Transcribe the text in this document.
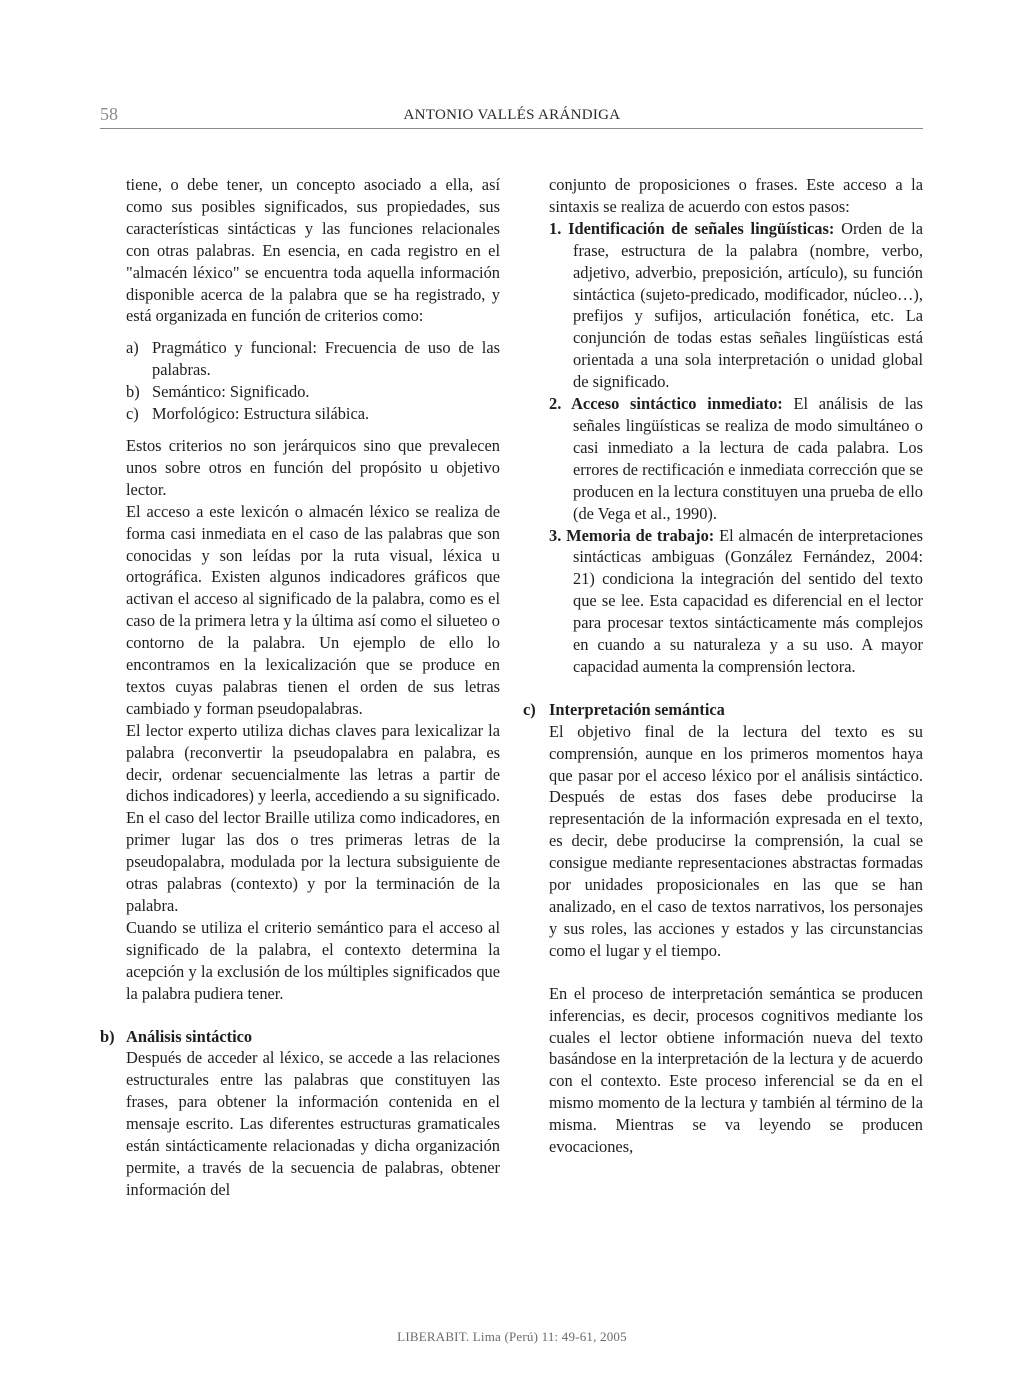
58	ANTONIO VALLÉS ARÁNDIGA

tiene, o debe tener, un concepto asociado a ella, así como sus posibles significados, sus propiedades, sus características sintácticas y las funciones relacionales con otras palabras. En esencia, en cada registro en el "almacén léxico" se encuentra toda aquella información disponible acerca de la palabra que se ha registrado, y está organizada en función de criterios como:

a) Pragmático y funcional: Frecuencia de uso de las palabras.
b) Semántico: Significado.
c) Morfológico: Estructura silábica.

Estos criterios no son jerárquicos sino que prevalecen unos sobre otros en función del propósito u objetivo lector.

El acceso a este lexicón o almacén léxico se realiza de forma casi inmediata en el caso de las palabras que son conocidas y son leídas por la ruta visual, léxica u ortográfica. Existen algunos indicadores gráficos que activan el acceso al significado de la palabra, como es el caso de la primera letra y la última así como el silueteo o contorno de la palabra. Un ejemplo de ello lo encontramos en la lexicalización que se produce en textos cuyas palabras tienen el orden de sus letras cambiado y forman pseudopalabras.

El lector experto utiliza dichas claves para lexicalizar la palabra (reconvertir la pseudopalabra en palabra, es decir, ordenar secuencialmente las letras a partir de dichos indicadores) y leerla, accediendo a su significado. En el caso del lector Braille utiliza como indicadores, en primer lugar las dos o tres primeras letras de la pseudopalabra, modulada por la lectura subsiguiente de otras palabras (contexto) y por la terminación de la palabra.

Cuando se utiliza el criterio semántico para el acceso al significado de la palabra, el contexto determina la acepción y la exclusión de los múltiples significados que la palabra pudiera tener.

b) Análisis sintáctico

Después de acceder al léxico, se accede a las relaciones estructurales entre las palabras que constituyen las frases, para obtener la información contenida en el mensaje escrito. Las diferentes estructuras gramaticales están sintácticamente relacionadas y dicha organización permite, a través de la secuencia de palabras, obtener información del

conjunto de proposiciones o frases. Este acceso a la sintaxis se realiza de acuerdo con estos pasos:

1. Identificación de señales lingüísticas: Orden de la frase, estructura de la palabra (nombre, verbo, adjetivo, adverbio, preposición, artículo), su función sintáctica (sujeto-predicado, modificador, núcleo…), prefijos y sufijos, articulación fonética, etc. La conjunción de todas estas señales lingüísticas está orientada a una sola interpretación o unidad global de significado.

2. Acceso sintáctico inmediato: El análisis de las señales lingüísticas se realiza de modo simultáneo o casi inmediato a la lectura de cada palabra. Los errores de rectificación e inmediata corrección que se producen en la lectura constituyen una prueba de ello (de Vega et al., 1990).

3. Memoria de trabajo: El almacén de interpretaciones sintácticas ambiguas (González Fernández, 2004: 21) condiciona la integración del sentido del texto que se lee. Esta capacidad es diferencial en el lector para procesar textos sintácticamente más complejos en cuando a su naturaleza y a su uso. A mayor capacidad aumenta la comprensión lectora.

c) Interpretación semántica

El objetivo final de la lectura del texto es su comprensión, aunque en los primeros momentos haya que pasar por el acceso léxico por el análisis sintáctico. Después de estas dos fases debe producirse la representación de la información expresada en el texto, es decir, debe producirse la comprensión, la cual se consigue mediante representaciones abstractas formadas por unidades proposicionales en las que se han analizado, en el caso de textos narrativos, los personajes y sus roles, las acciones y estados y las circunstancias como el lugar y el tiempo.

En el proceso de interpretación semántica se producen inferencias, es decir, procesos cognitivos mediante los cuales el lector obtiene información nueva del texto basándose en la interpretación de la lectura y de acuerdo con el contexto. Este proceso inferencial se da en el mismo momento de la lectura y también al término de la misma. Mientras se va leyendo se producen evocaciones,

LIBERABIT. Lima (Perú) 11: 49-61, 2005
